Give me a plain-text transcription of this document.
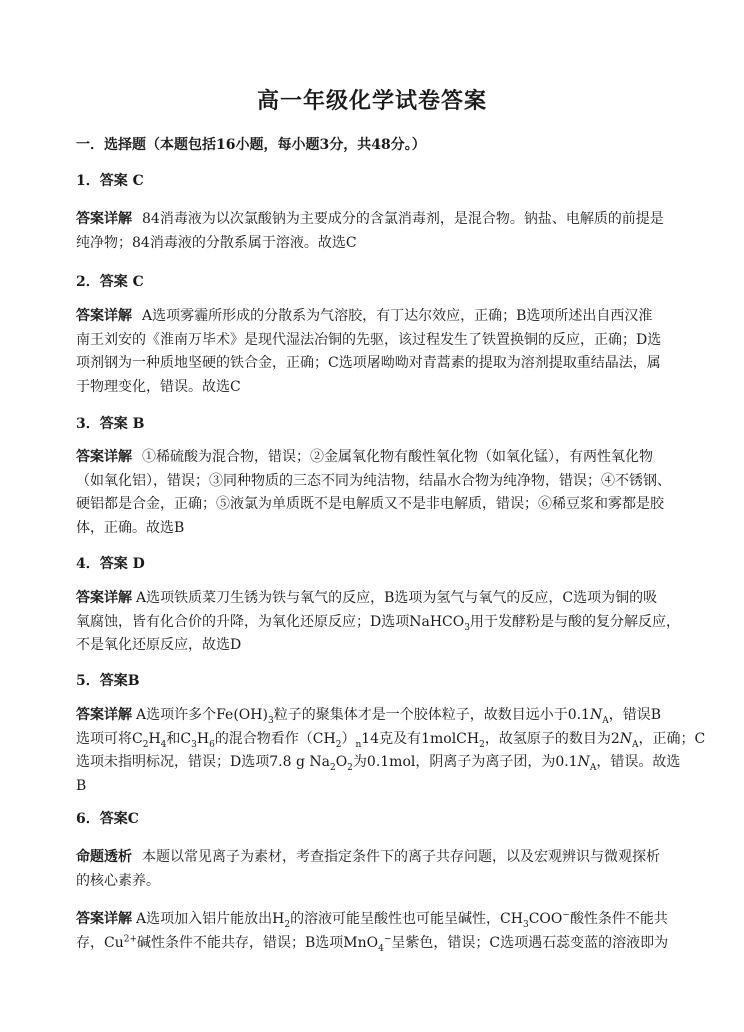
高一年级化学试卷答案
一．选择题（本题包括16小题，每小题3分，共48分。）
1．答案 C
答案详解 84消毒液为以次氯酸钠为主要成分的含氯消毒剂，是混合物。钠盐、电解质的前提是
纯净物；84消毒液的分散系属于溶液。故选C
2．答案 C
答案详解 A选项雾霾所形成的分散系为气溶胶，有丁达尔效应，正确；B选项所述出自西汉淮
南王刘安的《淮南万毕术》是现代湿法冶铜的先驱，该过程发生了铁置换铜的反应，正确；D选
项剂钢为一种质地坚硬的铁合金，正确；C选项屠呦呦对青蒿素的提取为溶剂提取重结晶法，属
于物理变化，错误。故选C
3．答案 B
答案详解 ①稀硫酸为混合物，错误；②金属氧化物有酸性氧化物（如氧化锰），有两性氧化物
（如氧化铝），错误；③同种物质的三态不同为纯洁物，结晶水合物为纯净物，错误；④不锈钢、
硬铝都是合金，正确；⑤液氯为单质既不是电解质又不是非电解质，错误；⑥稀豆浆和雾都是胶
体，正确。故选B
4．答案 D
答案详解 A选项铁质菜刀生锈为铁与氧气的反应，B选项为氢气与氧气的反应，C选项为铜的吸
氧腐蚀，皆有化合价的升降，为氧化还原反应；D选项NaHCO$_3$用于发酵粉是与酸的复分解反应，
不是氧化还原反应，故选D
5．答案B
答案详解 A选项许多个$Fe(OH)_3$粒子的聚集体才是一个胶体粒子，故数目远小于$0.1N_A$，错误B
选项可将$C_2H_4$和$C_3H_6$的混合物看作$(CH_2)_n14$克及有1molCH$_2$，故氢原子的数目为$2N_A$，正确；C
选项未指明标况，错误；D选项7.8 g $Na_2O_2$为0.1mol，阴离子为离子团，为$0.1N_A$，错误。故选
B
6．答案C
命题透析 本题以常见离子为素材，考查指定条件下的离子共存问题，以及宏观辨识与微观探析
的核心素养。
答案详解 A选项加入铝片能放出$H_2$的溶液可能呈酸性也可能呈碱性，$CH_3COO^-$酸性条件不能共
存，$Cu^{2+}$碱性条件不能共存，错误；B选项MnO$_4$−呈紫色，错误；C选项遇石蕊变蓝的溶液即为
